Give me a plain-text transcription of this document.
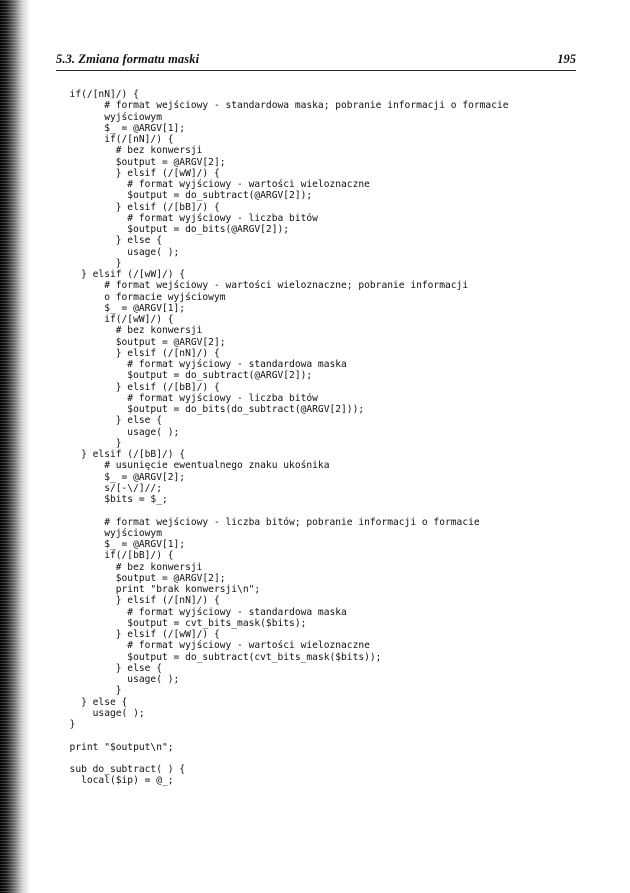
5.3. Zmiana formatu maski	195
if(/[nN]/) {
# format wejściowy - standardowa maska; pobranie informacji o formacie
wyjściowym
$_ = @ARGV[1];
if(/[nN]/) {
# bez konwersji
$output = @ARGV[2];
} elsif (/[wW]/) {
# format wyjściowy - wartości wieloznaczne
$output = do_subtract(@ARGV[2]);
} elsif (/[bB]/) {
# format wyjściowy - liczba bitów
$output = do_bits(@ARGV[2]);
} else {
usage( );
}
} elsif (/[wW]/) {
# format wejściowy - wartości wieloznaczne; pobranie informacji
o formacie wyjściowym
$_ = @ARGV[1];
if(/[wW]/) {
# bez konwersji
$output = @ARGV[2];
} elsif (/[nN]/) {
# format wyjściowy - standardowa maska
$output = do_subtract(@ARGV[2]);
} elsif (/[bB]/) {
# format wyjściowy - liczba bitów
$output = do_bits(do_subtract(@ARGV[2]));
} else {
usage( );
}
} elsif (/[bB]/) {
# usunięcie ewentualnego znaku ukośnika
$_ = @ARGV[2];
s/[-\/]//;
$bits = $_;
# format wejściowy - liczba bitów; pobranie informacji o formacie
wyjściowym
$_ = @ARGV[1];
if(/[bB]/) {
# bez konwersji
$output = @ARGV[2];
print "brak konwersji\n";
} elsif (/[nN]/) {
# format wyjściowy - standardowa maska
$output = cvt_bits_mask($bits);
} elsif (/[wW]/) {
# format wyjściowy - wartości wieloznaczne
$output = do_subtract(cvt_bits_mask($bits));
} else {
usage( );
}
} else {
usage( );
}
print "$output\n";
sub do_subtract( ) {
local($ip) = @_;
